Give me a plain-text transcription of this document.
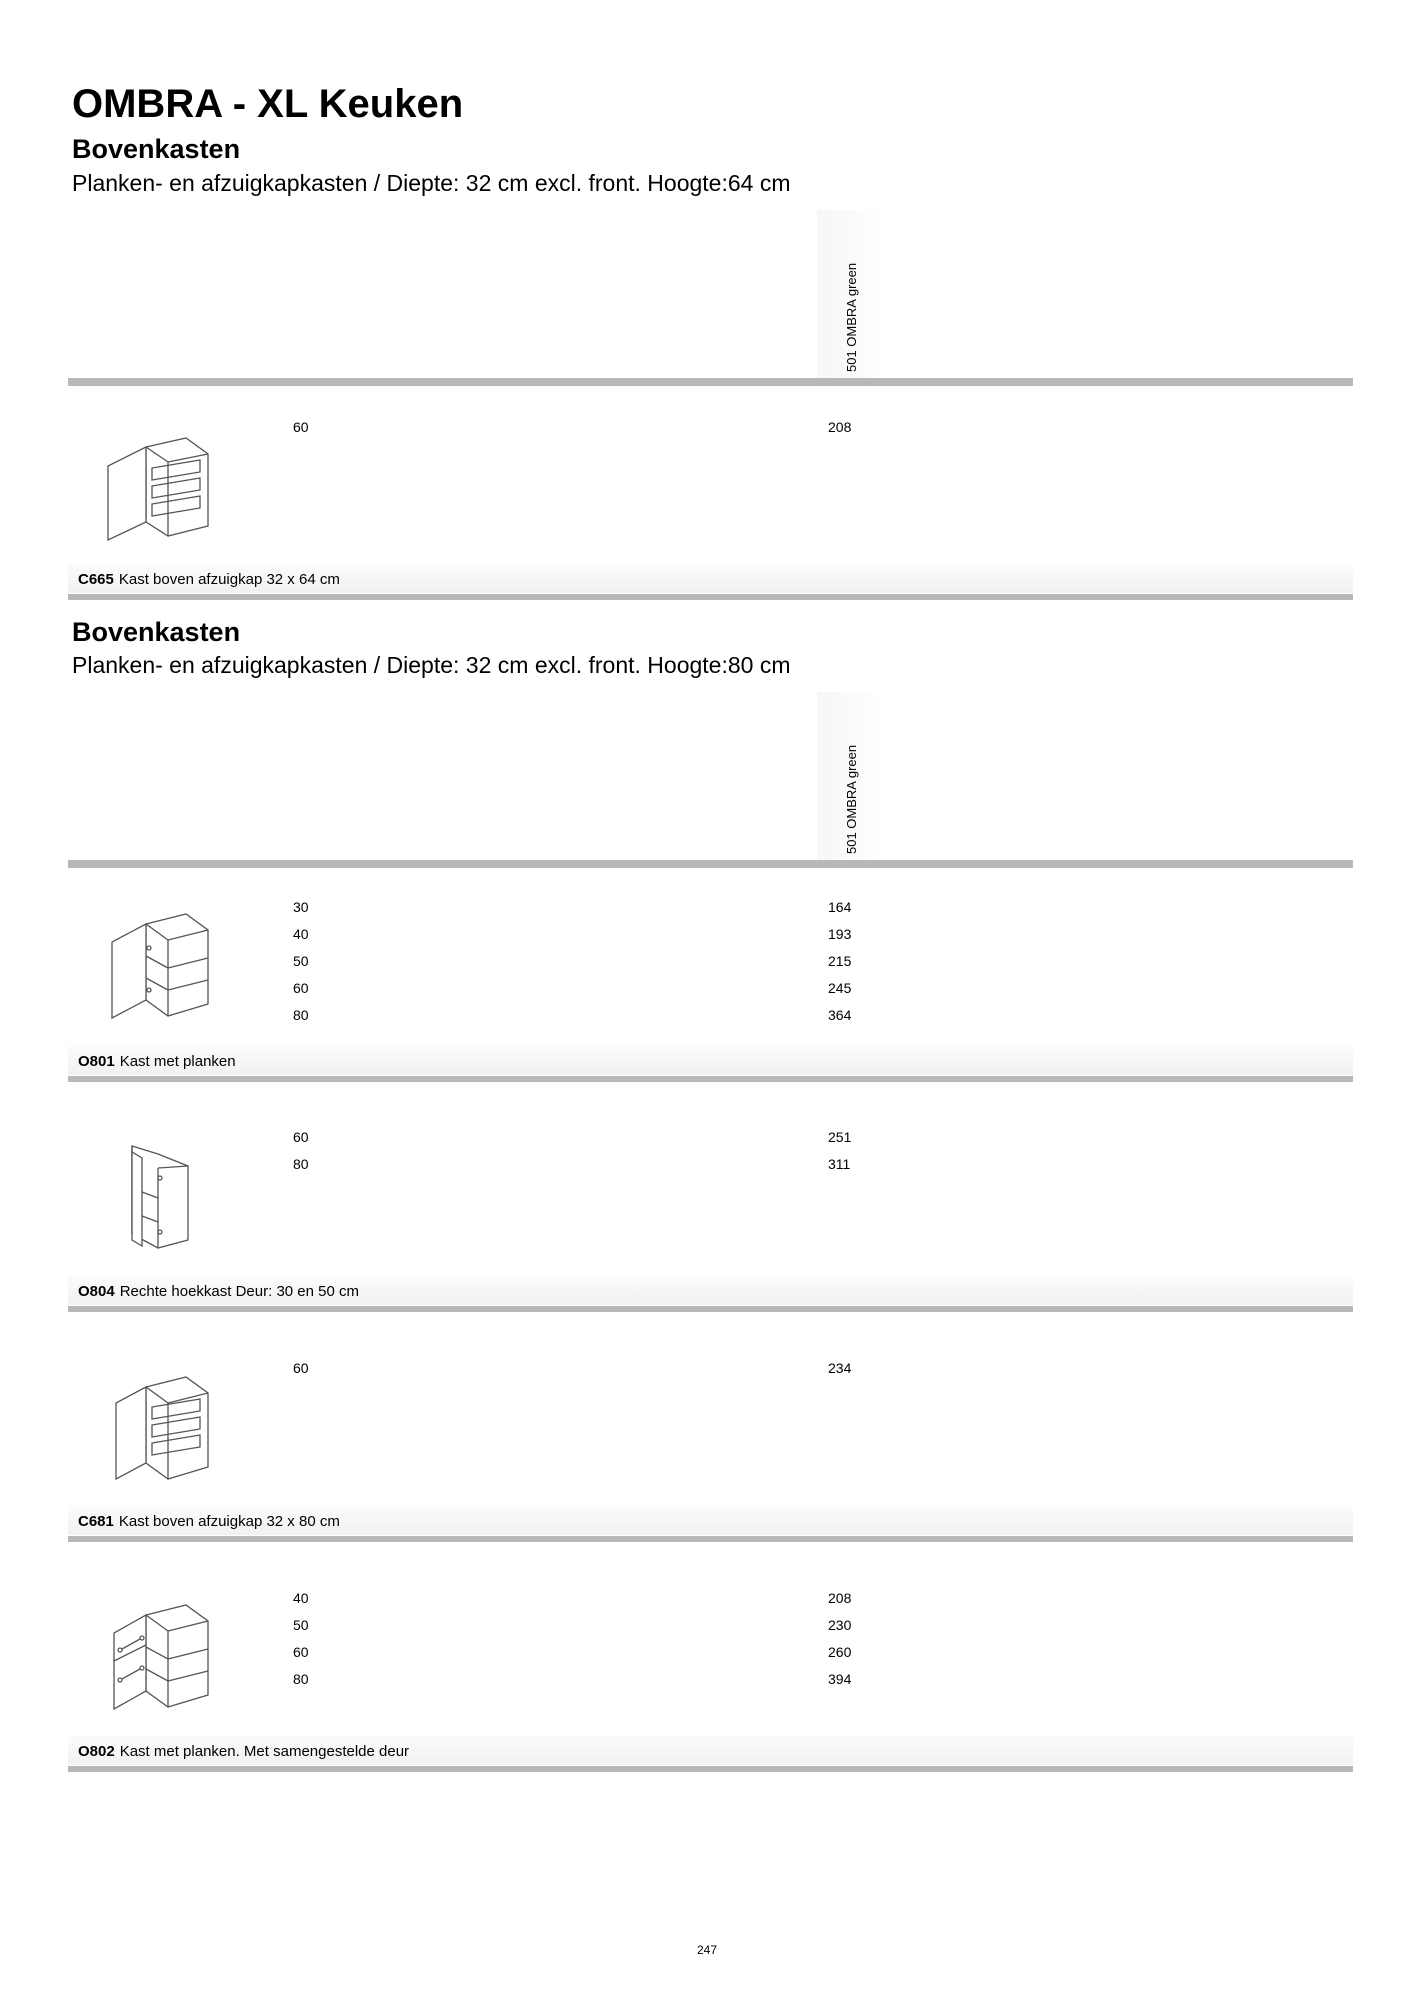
OMBRA - XL Keuken
Bovenkasten

Planken- en afzuigkapkasten / Diepte: 32 cm excl. front. Hoogte:64 cm

501 OMBRA green
60	208
C665 Kast boven afzuigkap 32 x 64 cm
Bovenkasten

Planken- en afzuigkapkasten / Diepte: 32 cm excl. front. Hoogte:80 cm

501 OMBRA green
30
40
50
60
80
164
193
215
245
364
O801 Kast met planken
60
80
251
311
O804 Rechte hoekkast Deur: 30 en 50 cm
60	234
C681 Kast boven afzuigkap 32 x 80 cm
40
50
60
80
208
230
260
394
O802 Kast met planken. Met samengestelde deur
247
